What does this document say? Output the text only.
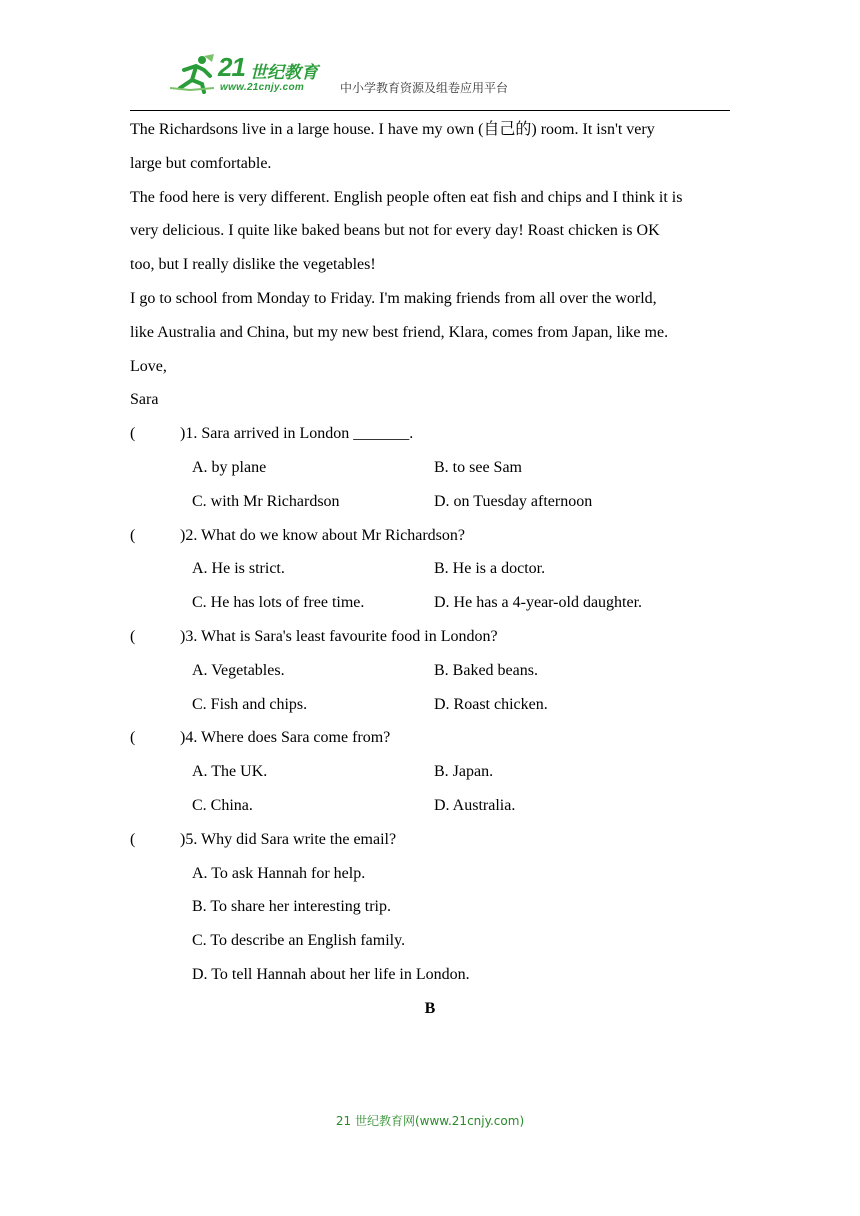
21 世纪教育
www.21cnjy.com	中小学教育资源及组卷应用平台
The Richardsons live in a large house. I have my own (自己的) room. It isn't very
large but comfortable.
The food here is very different. English people often eat fish and chips and I think it is
very delicious. I quite like baked beans but not for every day! Roast chicken is OK
too, but I really dislike the vegetables!
I go to school from Monday to Friday. I'm making friends from all over the world,
like Australia and China, but my new best friend, Klara, comes from Japan, like me.
Love,
Sara
(	)1. Sara arrived in London _______.
A. by plane	B. to see Sam
C. with Mr Richardson	D. on Tuesday afternoon
(	)2. What do we know about Mr Richardson?
A. He is strict.	B. He is a doctor.
C. He has lots of free time.	D. He has a 4-year-old daughter.
(	)3. What is Sara's least favourite food in London?
A. Vegetables.	B. Baked beans.
C. Fish and chips.	D. Roast chicken.
(	)4. Where does Sara come from?
A. The UK.	B. Japan.
C. China.	D. Australia.
(	)5. Why did Sara write the email?
A. To ask Hannah for help.
B. To share her interesting trip.
C. To describe an English family.
D. To tell Hannah about her life in London.
B
21 世纪教育网(www.21cnjy.com)
